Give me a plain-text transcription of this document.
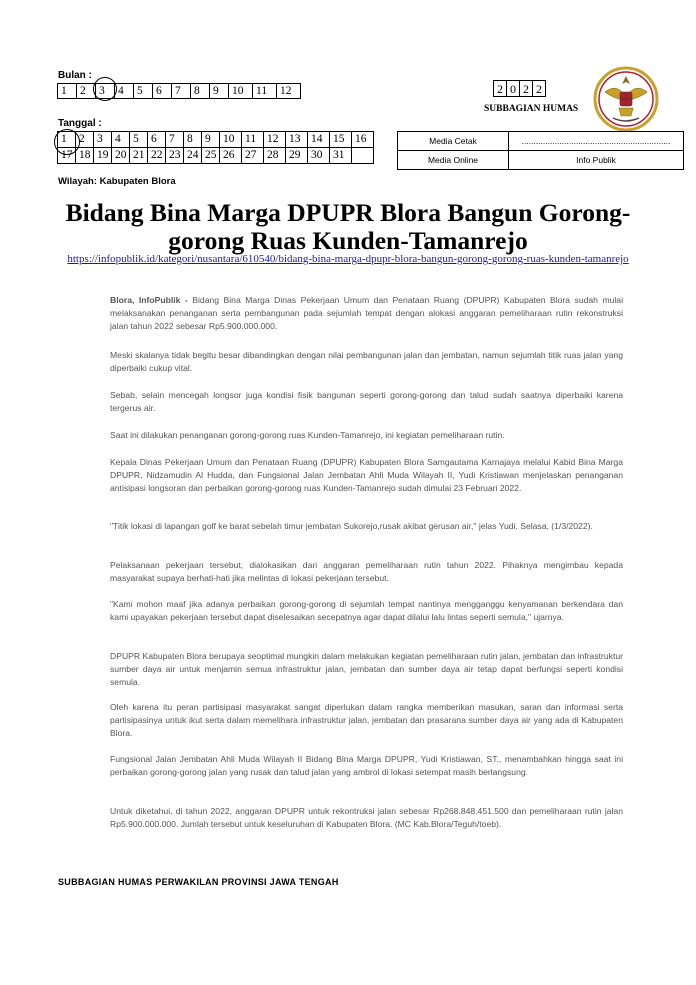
Bulan :
1	2	3	4	5	6	7	8	9	10	11	12	2	0	2	2
SUBBAGIAN HUMAS
Tanggal :
1	2	3	4	5	6	7	8	9	10	11	12	13	14	15	16
17	18	19	20	21	22	23	24	25	26	27	28	29	30	31	
Media Cetak	...............................................................
Media Online	Info Publik
Wilayah: Kabupaten Blora
Bidang Bina Marga DPUPR Blora Bangun Gorong-gorong Ruas Kunden-Tamanrejo
https://infopublik.id/kategori/nusantara/610540/bidang-bina-marga-dpupr-blora-bangun-gorong-gorong-ruas-kunden-tamanrejo

Blora, InfoPublik - Bidang Bina Marga Dinas Pekerjaan Umum dan Penataan Ruang (DPUPR) Kabupaten Blora sudah mulai melaksanakan penanganan serta pembangunan pada sejumlah tempat dengan alokasi anggaran pemeliharaan rutin rekonstruksi jalan tahun 2022 sebesar Rp5.900.000.000.

Meski skalanya tidak begitu besar dibandingkan dengan nilai pembangunan jalan dan jembatan, namun sejumlah titik ruas jalan yang diperbaiki cukup vital.

Sebab, selain mencegah longsor juga kondisi fisik bangunan seperti gorong-gorong dan talud sudah saatnya diperbaiki karena tergerus air.

Saat ini dilakukan penanganan gorong-gorong ruas Kunden-Tamanrejo, ini kegiatan pemeliharaan rutin.

Kepala Dinas Pekerjaan Umum dan Penataan Ruang (DPUPR) Kabupaten Blora Samgautama Karnajaya melalui Kabid Bina Marga DPUPR, Nidzamudin Al Hudda, dan Fungsional Jalan Jembatan Ahli Muda Wilayah II, Yudi Kristiawan menjelaskan penanganan antisipasi longsoran dan perbaikan gorong-gorong ruas Kunden-Tamanrejo sudah dimulai 23 Februari 2022.

"Titik lokasi di lapangan golf ke barat sebelah timur jembatan Sukorejo,rusak akibat gerusan air," jelas Yudi, Selasa, (1/3/2022).

Pelaksanaan pekerjaan tersebut, dialokasikan dari anggaran pemeliharaan rutin tahun 2022. Pihaknya mengimbau kepada masyarakat supaya berhati-hati jika melintas di lokasi pekerjaan tersebut.

"Kami mohon maaf jika adanya perbaikan gorong-gorong di sejumlah tempat nantinya mengganggu kenyamanan berkendara dan kami upayakan pekerjaan tersebut dapat diselesaikan secepatnya agar dapat dilalui lalu lintas seperti semula," ujarnya.

DPUPR Kabupaten Blora berupaya seoptimal mungkin dalam melakukan kegiatan pemeliharaan rutin jalan, jembatan dan infrastruktur sumber daya air untuk menjamin semua infrastruktur jalan, jembatan dan sumber daya air tetap dapat berfungsi seperti kondisi semula.

Oleh karena itu peran partisipasi masyarakat sangat diperlukan dalam rangka memberikan masukan, saran dan informasi serta partisipasinya untuk ikut serta dalam memelihara infrastruktur jalan, jembatan dan prasarana sumber daya air yang ada di Kabupaten Blora.

Fungsional Jalan Jembatan Ahli Muda Wilayah II Bidang Bina Marga DPUPR, Yudi Kristiawan, ST., menambahkan hingga saat ini perbaikan gorong-gorong jalan yang rusak dan talud jalan yang ambrol di lokasi setempat masih berlangsung.

Untuk diketahui, di tahun 2022, anggaran DPUPR untuk rekontruksi jalan sebesar Rp268.848.451.500 dan pemeliharaan rutin jalan Rp5.900.000.000. Jumlah tersebut untuk keseluruhan di Kabupaten Blora. (MC Kab.Blora/Teguh/toeb).

SUBBAGIAN HUMAS PERWAKILAN PROVINSI JAWA TENGAH
